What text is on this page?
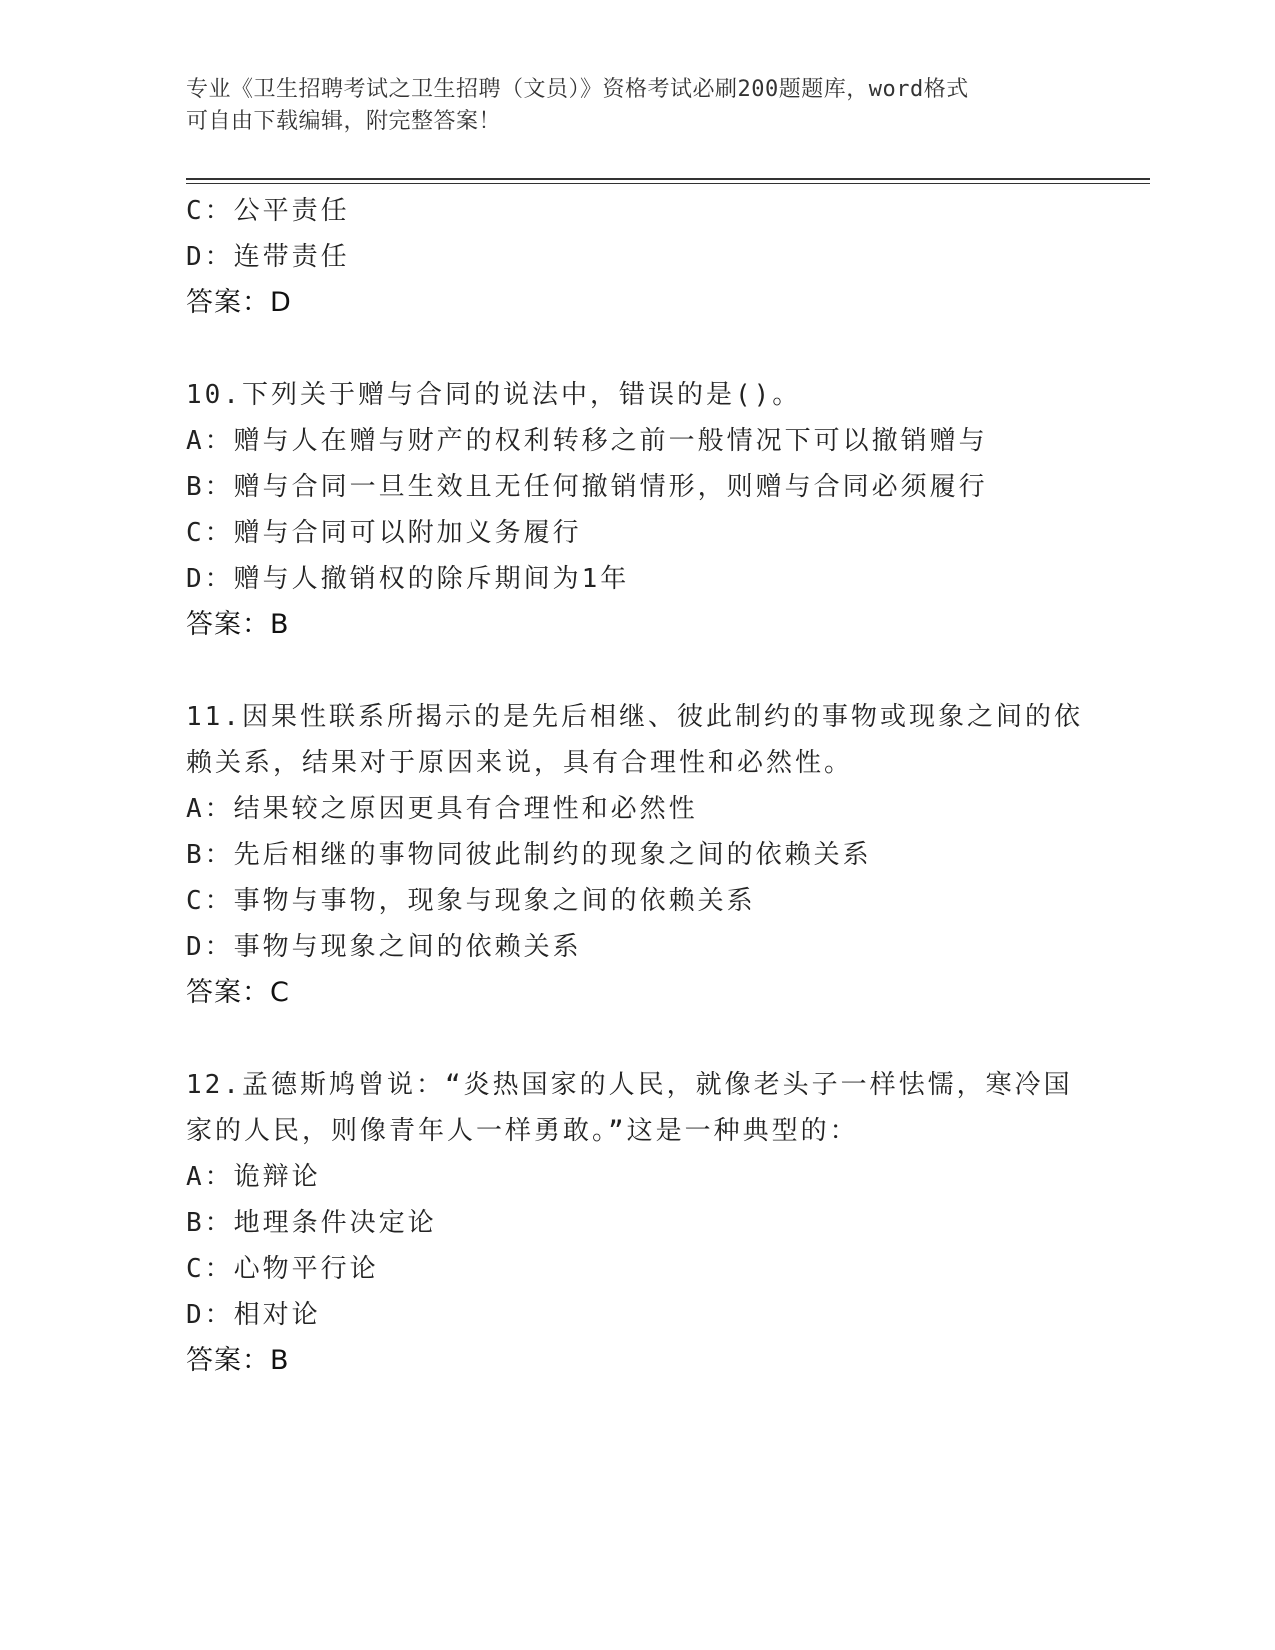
专业《卫生招聘考试之卫生招聘（文员）》资格考试必刷200题题库，word格式
可自由下载编辑，附完整答案！
C：公平责任
D：连带责任
答案：D
10.下列关于赠与合同的说法中，错误的是()。
A：赠与人在赠与财产的权利转移之前一般情况下可以撤销赠与
B：赠与合同一旦生效且无任何撤销情形，则赠与合同必须履行
C：赠与合同可以附加义务履行
D：赠与人撤销权的除斥期间为1年
答案：B
11.因果性联系所揭示的是先后相继、彼此制约的事物或现象之间的依
赖关系，结果对于原因来说，具有合理性和必然性。
A：结果较之原因更具有合理性和必然性
B：先后相继的事物同彼此制约的现象之间的依赖关系
C：事物与事物，现象与现象之间的依赖关系
D：事物与现象之间的依赖关系
答案：C
12.孟德斯鸠曾说：“炎热国家的人民，就像老头子一样怯懦，寒冷国
家的人民，则像青年人一样勇敢。”这是一种典型的：
A：诡辩论
B：地理条件决定论
C：心物平行论
D：相对论
答案：B
